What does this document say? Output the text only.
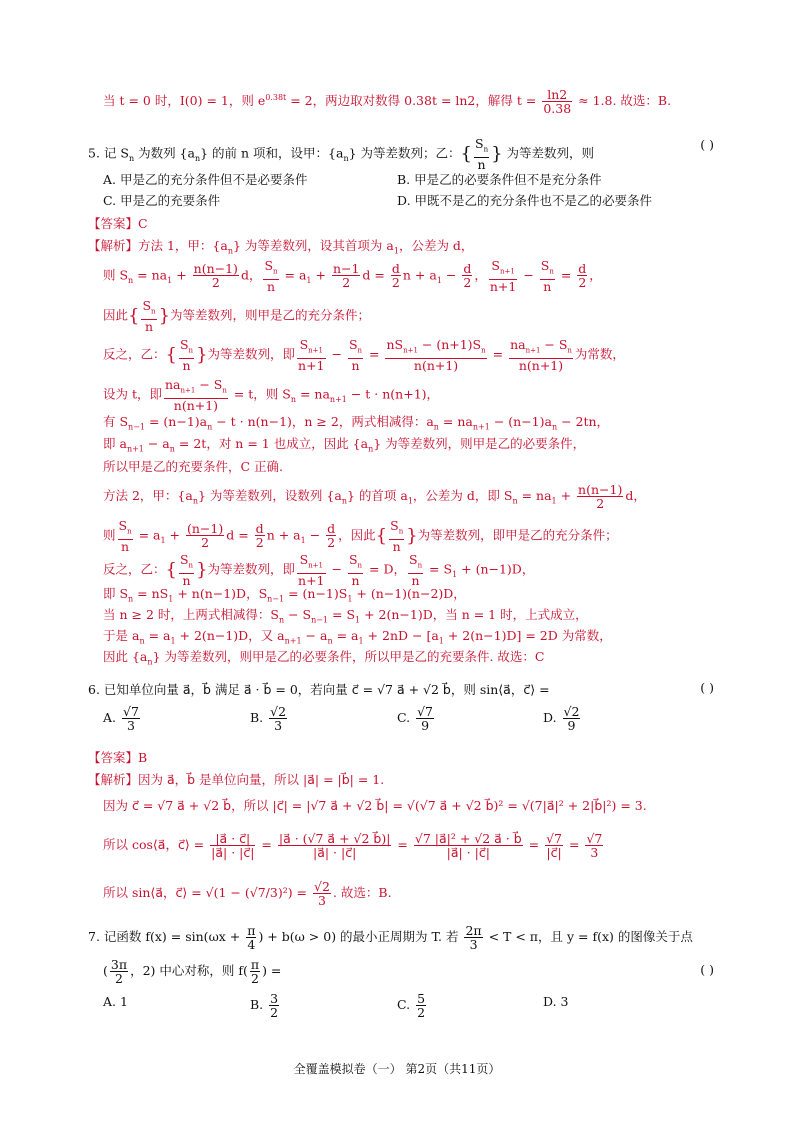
当 t = 0 时，I(0) = 1，则 $e^{0.38t} = 2$，两边取对数得 0.38t = ln2，解得 $t = \frac{\ln 2}{0.38} \approx 1.8$. 故选：B.
5. 记 $S_n$ 为数列 $\{a_n\}$ 的前 n 项和，设甲：$\{a_n\}$ 为等差数列；乙：{ $\frac{S_n}{n}$ } 为等差数列，则
( )
A. 甲是乙的充分条件但不是必要条件	B. 甲是乙的必要条件但不是充分条件
C. 甲是乙的充要条件	D. 甲既不是乙的充分条件也不是乙的必要条件
【答案】C
【解析】方法 1，甲：$\{a_n\}$ 为等差数列，设其首项为 $a_1$，公差为 d，
则 $S_n = na_1 + \frac{n(n-1)}{2}$ d， $\frac{S_n}{n} = a_1 + \frac{n-1}{2}$ $d = \frac{d}{2}$ $n + a_1 - \frac{d}{2}$ ， $\frac{S_{n+1}}{n+1} - \frac{S_n}{n} = \frac{d}{2}$ ，
因此{ $\frac{S_n}{n}$ }为等差数列，则甲是乙的充分条件；
反之，乙：{ $\frac{S_n}{n}$ }为等差数列，即 $\frac{S_{n+1}}{n+1} - \frac{S_n}{n} = \frac{nS_{n+1} - (n+1)S_n}{n(n+1)} = \frac{na_{n+1} - S_n}{n(n+1)}$ 为常数，
设为 t，即 $\frac{na_{n+1} - S_n}{n(n+1)} = t$，则 $S_n = na_{n+1} - t \cdot n(n+1)$，
有 $S_{n-1} = (n-1)a_n - t \cdot n(n-1)$，n ≥ 2，两式相减得：$a_n = na_{n+1} - (n-1)a_n - 2tn$，
即 $a_{n+1} - a_n = 2t$，对 n = 1 也成立，因此 $\{a_n\}$ 为等差数列，则甲是乙的必要条件，
所以甲是乙的充要条件，C 正确.
方法 2，甲：$\{a_n\}$ 为等差数列，设数列 $\{a_n\}$ 的首项 $a_1$，公差为 d，即 $S_n = na_1 + \frac{n(n-1)}{2}$ d，
则 $\frac{S_n}{n} = a_1 + \frac{(n-1)}{2}$ $d = \frac{d}{2}$ $n + a_1 - \frac{d}{2}$ ，因此{ $\frac{S_n}{n}$ }为等差数列，即甲是乙的充分条件；
反之，乙：{ $\frac{S_n}{n}$ }为等差数列，即 $\frac{S_{n+1}}{n+1} - \frac{S_n}{n} = D$， $\frac{S_n}{n} = S_1 + (n-1)D$，
即 $S_n = nS_1 + n(n-1)D$，$S_{n-1} = (n-1)S_1 + (n-1)(n-2)D$，
当 n ≥ 2 时，上两式相减得：$S_n - S_{n-1} = S_1 + 2(n-1)D$，当 n = 1 时，上式成立，
于是 $a_n = a_1 + 2(n-1)D$，又 $a_{n+1} - a_n = a_1 + 2nD - [a_1 + 2(n-1)D] = 2D$ 为常数，
因此 $\{a_n\}$ 为等差数列，则甲是乙的必要条件，所以甲是乙的充要条件. 故选：C
6. 已知单位向量 a⃗，b⃗ 满足 a⃗ · b⃗ = 0，若向量 c⃗ = √7 a⃗ + √2 b⃗，则 sin⟨a⃗，c⃗⟩ =	( )
A. $\frac{√7}{3}$	B. $\frac{√2}{3}$	C. $\frac{√7}{9}$	D. $\frac{√2}{9}$
【答案】B
【解析】因为 a⃗，b⃗ 是单位向量，所以 |a⃗| = |b⃗| = 1.
因为 c⃗ = √7 a⃗ + √2 b⃗，所以 |c⃗| = |√7 a⃗ + √2 b⃗| = √(√7 a⃗ + √2 b⃗)² = √(7|a⃗|² + 2|b⃗|²) = 3.
所以 cos⟨a⃗，c⃗⟩ = $\frac{|a⃗ \cdot c⃗|}{|a⃗| \cdot |c⃗|} = \frac{|a⃗ \cdot (√7 a⃗ + √2 b⃗)|}{|a⃗| \cdot |c⃗|} = \frac{\text{√7 |a⃗|² + √2 a⃗ · b⃗}}{|a⃗| \cdot |c⃗|} = \frac{√7}{|c⃗|} = \frac{√7}{3}$
所以 sin⟨a⃗，c⃗⟩ = $√(1 - (√7/3)^2) = \frac{√2}{3}$ . 故选：B.
7. 记函数 $f(x) = \sin(\omega x + \frac{\pi}{4}$ ) + b(ω > 0) 的最小正周期为 T. 若 $\frac{2\pi}{3} < T < \pi$，且 y = f(x) 的图像关于点
( $\frac{3\pi}{2}$ ，2) 中心对称，则 $f( \frac{\pi}{2}$ ) =	( )
A. 1	B. $\frac{3}{2}$	C. $\frac{5}{2}$	D. 3
全覆盖模拟卷（一） 第2页（共11页）
